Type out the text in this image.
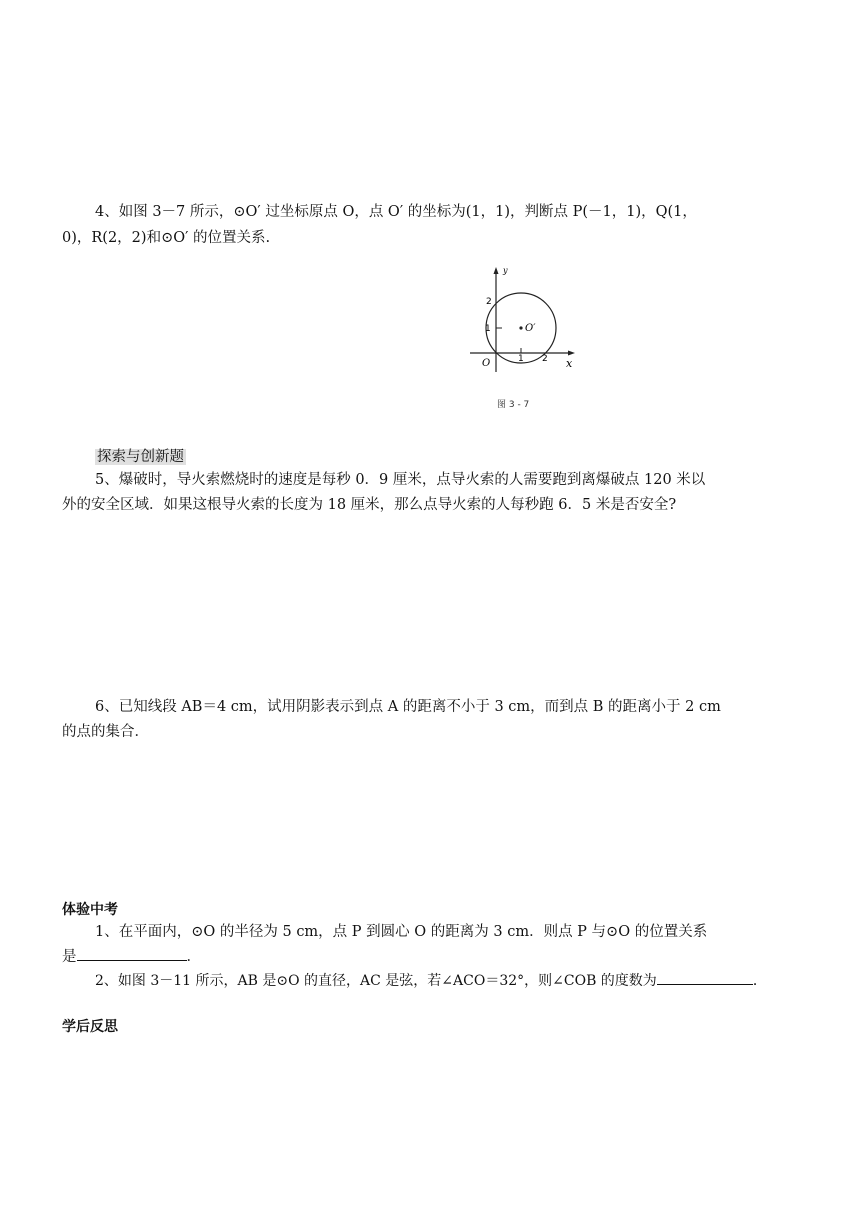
4、如图 3－7 所示，⊙O′ 过坐标原点 O，点 O′ 的坐标为(1，1)，判断点 P(－1，1)，Q(1，
0)，R(2，2)和⊙O′ 的位置关系.
y
x
O
O′
1
2
1 2
图 3 - 7
探索与创新题
5、爆破时，导火索燃烧时的速度是每秒 0．9 厘米，点导火索的人需要跑到离爆破点 120 米以
外的安全区域．如果这根导火索的长度为 18 厘米，那么点导火索的人每秒跑 6．5 米是否安全?
6、已知线段 AB＝4 cm，试用阴影表示到点 A 的距离不小于 3 cm，而到点 B 的距离小于 2 cm
的点的集合．
体验中考
1、在平面内，⊙O 的半径为 5 cm，点 P 到圆心 O 的距离为 3 cm．则点 P 与⊙O 的位置关系
是	．
2、如图 3－11 所示，AB 是⊙O 的直径，AC 是弦，若∠ACO＝32°，则∠COB 的度数为	．
学后反思
